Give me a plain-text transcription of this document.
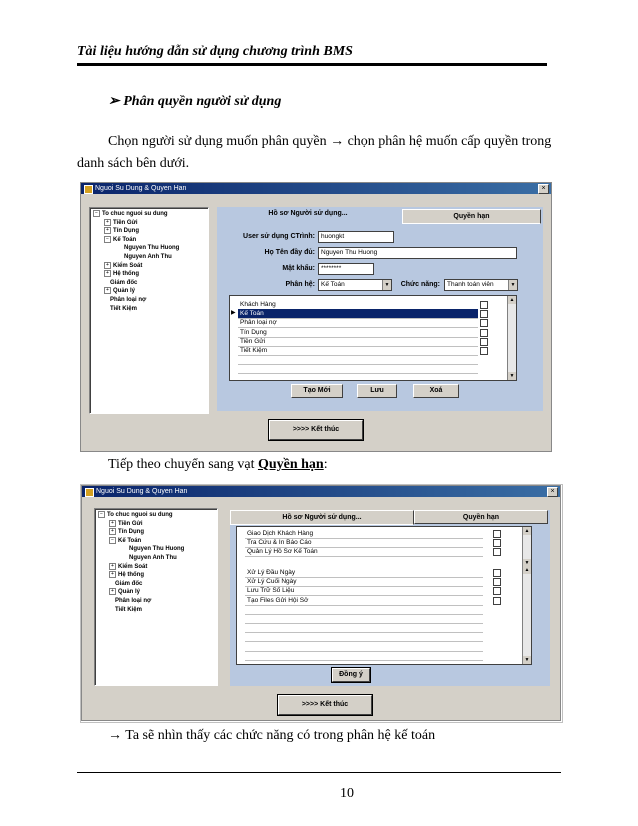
Tài liệu hướng dẫn sử dụng chương trình BMS
➢ Phân quyền người sử dụng
Chọn người sử dụng muốn phân quyền → chọn phân hệ muốn cấp quyền trong
danh sách bên dưới.
Nguoi Su Dung & Quyen Han	×
− To chuc nguoi su dung
+ Tiền Gửi
+ Tín Dụng
− Kế Toán
Nguyen Thu Huong
Nguyen Anh Thu
+ Kiểm Soát
+ Hệ thống
Giám đốc
+ Quản lý
Phân loại nợ
Tiết Kiệm
Hồ sơ Người sử dụng...	Quyền hạn
User sử dụng CTrình: huongkt
Họ Tên đầy đủ: Nguyen Thu Huong
Mật khẩu: ********
Phân hệ: Kế Toán	▼	Chức năng:	Thanh toán viên	▼
Khách Hàng
Kế Toán
Phân loại nợ
Tín Dụng
Tiền Gửi
Tiết Kiệm
▶
▲
▼
Tạo Mới	Lưu	Xoá
>>>> Kết thúc
Tiếp theo chuyển sang vạt Quyền hạn:
Nguoi Su Dung & Quyen Han	×
− To chuc nguoi su dung
+ Tiền Gửi
+ Tín Dụng
− Kế Toán
Nguyen Thu Huong
Nguyen Anh Thu
+ Kiểm Soát
+ Hệ thống
Giám đốc
+ Quản lý
Phân loại nợ
Tiết Kiệm
Hồ sơ Người sử dụng...	Quyền hạn
Giao Dịch Khách Hàng
Tra Cứu & In Báo Cáo
Quản Lý Hồ Sơ Kế Toán
▲
▼
Xử Lý Đầu Ngày
Xử Lý Cuối Ngày
Lưu Trữ Số Liệu
Tạo Files Gửi Hội Sở
▲
▼
Đồng ý
>>>> Kết thúc
→ Ta sẽ nhìn thấy các chức năng có trong phân hệ kế toán
10
